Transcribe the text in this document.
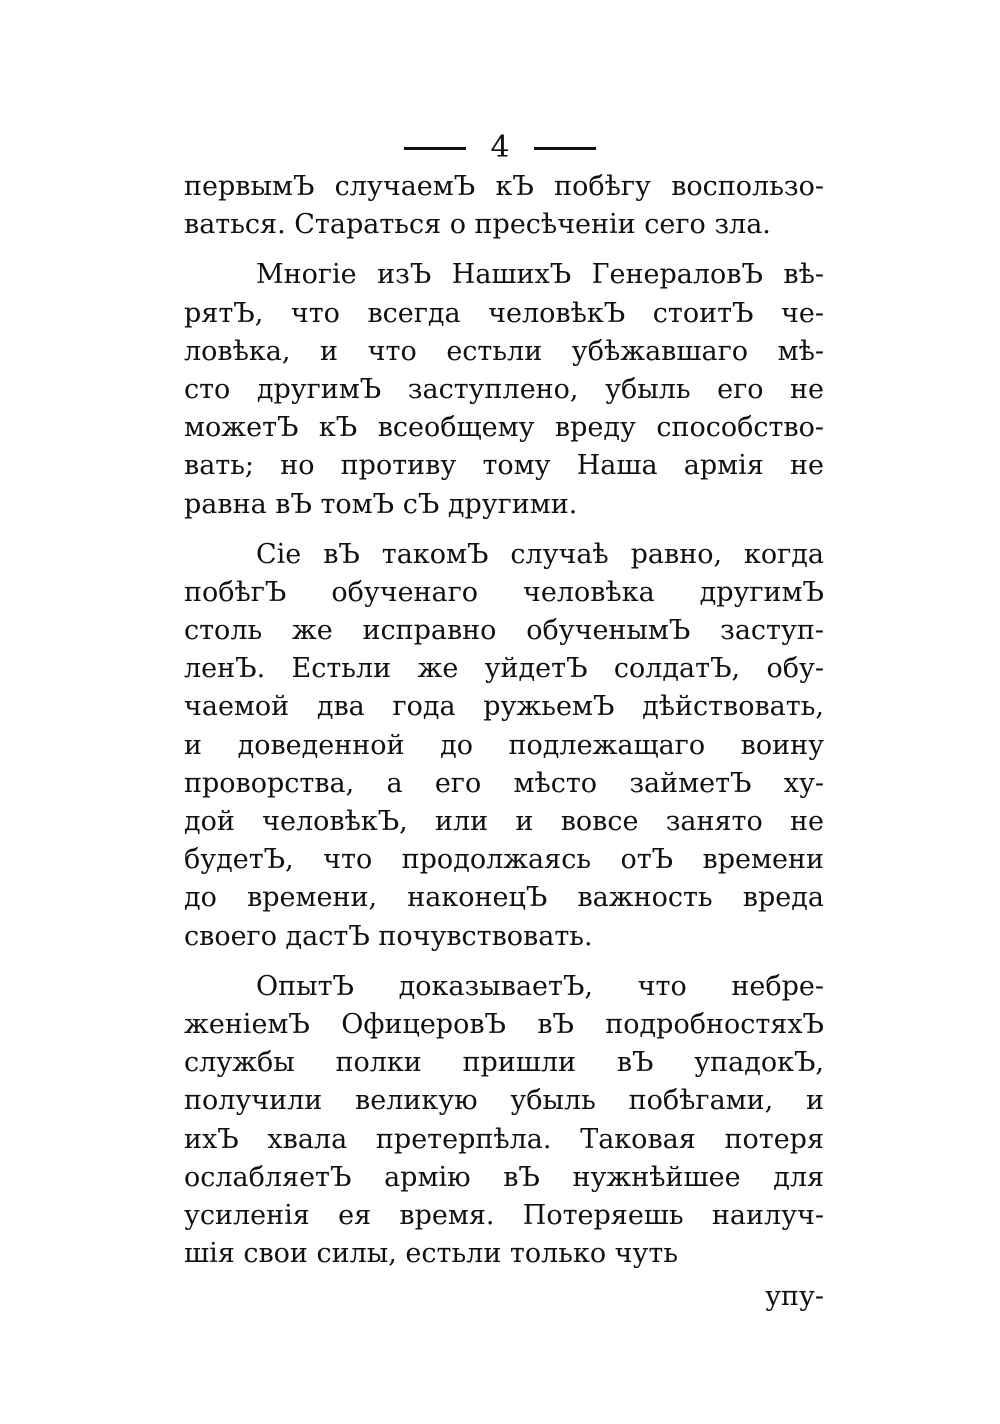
4
первымЪ случаемЪ кЪ побѣгу воспользо-
ваться. Стараться о пресѣченіи сего зла.
Многіе изЪ НашихЪ ГенераловЪ вѣ-
рятЪ, что всегда человѣкЪ стоитЪ че-
ловѣка, и что естьли убѣжавшаго мѣ-
сто другимЪ заступлено, убыль его не
можетЪ кЪ всеобщему вреду способство-
вать; но противу тому Наша армія не
равна вЪ томЪ сЪ другими.
Сіе вЪ такомЪ случаѣ равно, когда
побѣгЪ обученаго человѣка другимЪ
столь же исправно обученымЪ заступ-
ленЪ. Естьли же уйдетЪ солдатЪ, обу-
чаемой два года ружьемЪ дѣйствовать,
и доведенной до подлежащаго воину
проворства, а его мѣсто займетЪ ху-
дой человѣкЪ, или и вовсе занято не
будетЪ, что продолжаясь отЪ времени
до времени, наконецЪ важность вреда
своего дастЪ почувствовать.
ОпытЪ доказываетЪ, что небре-
женіемЪ ОфицеровЪ вЪ подробностяхЪ
службы полки пришли вЪ упадокЪ,
получили великую убыль побѣгами, и
ихЪ хвала претерпѣла. Таковая потеря
ослабляетЪ армію вЪ нужнѣйшее для
усиленія ея время. Потеряешь наилуч-
шія свои силы, естьли только чуть
упу-
